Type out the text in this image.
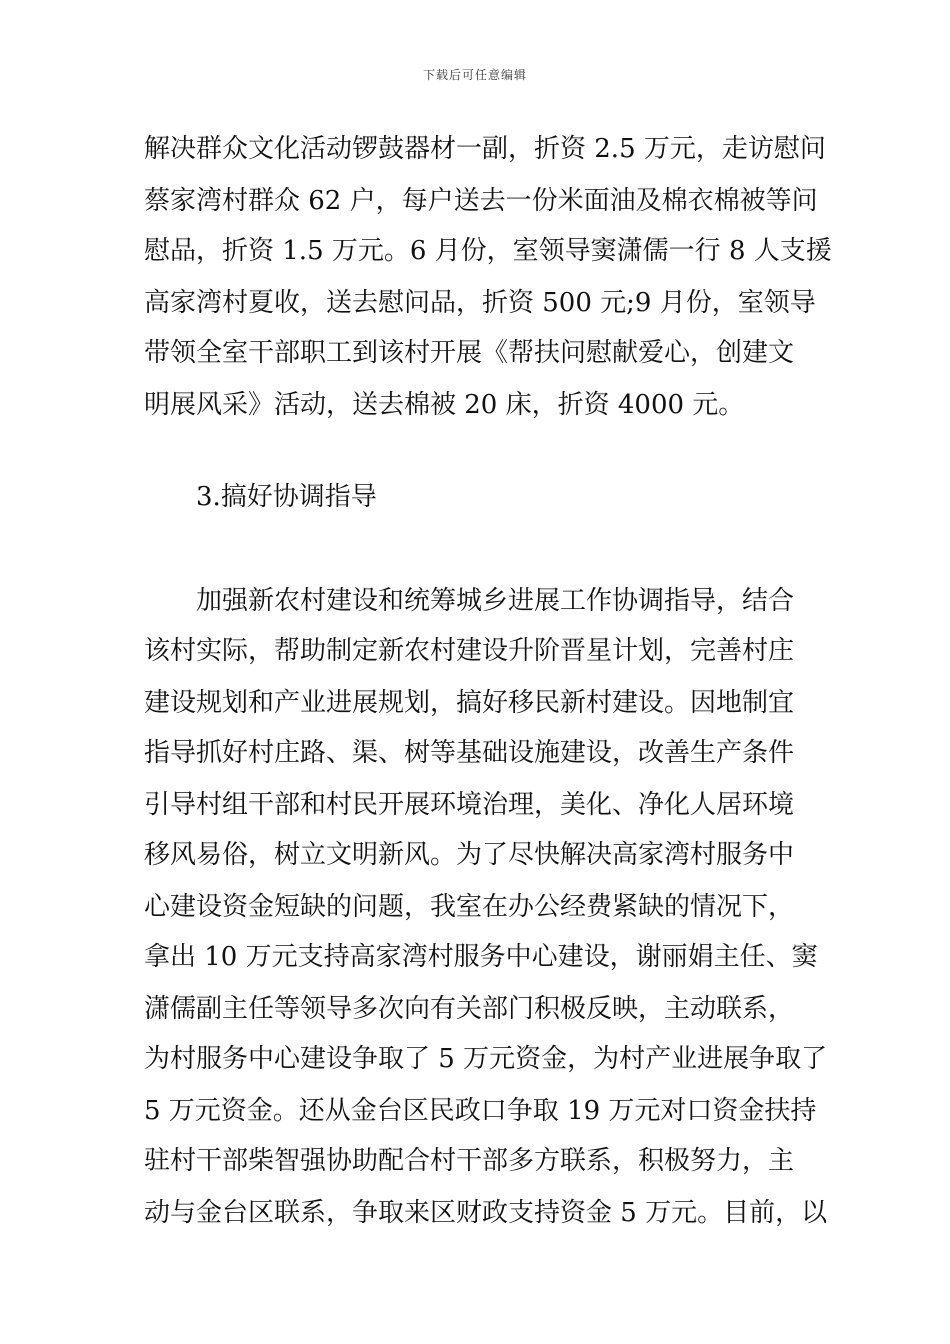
下载后可任意编辑
解决群众文化活动锣鼓器材一副，折资 2.5 万元，走访慰问
蔡家湾村群众 62 户，每户送去一份米面油及棉衣棉被等问
慰品，折资 1.5 万元。6 月份，室领导窦潇儒一行 8 人支援
高家湾村夏收，送去慰问品，折资 500 元;9 月份，室领导
带领全室干部职工到该村开展《帮扶问慰献爱心，创建文
明展风采》活动，送去棉被 20 床，折资 4000 元。
3.搞好协调指导
加强新农村建设和统筹城乡进展工作协调指导，结合
该村实际，帮助制定新农村建设升阶晋星计划，完善村庄
建设规划和产业进展规划，搞好移民新村建设。因地制宜
指导抓好村庄路、渠、树等基础设施建设，改善生产条件
引导村组干部和村民开展环境治理，美化、净化人居环境
移风易俗，树立文明新风。为了尽快解决高家湾村服务中
心建设资金短缺的问题，我室在办公经费紧缺的情况下，
拿出 10 万元支持高家湾村服务中心建设，谢丽娟主任、窦
潇儒副主任等领导多次向有关部门积极反映，主动联系，
为村服务中心建设争取了 5 万元资金，为村产业进展争取了
5 万元资金。还从金台区民政口争取 19 万元对口资金扶持
驻村干部柴智强协助配合村干部多方联系，积极努力，主
动与金台区联系，争取来区财政支持资金 5 万元。目前，以
